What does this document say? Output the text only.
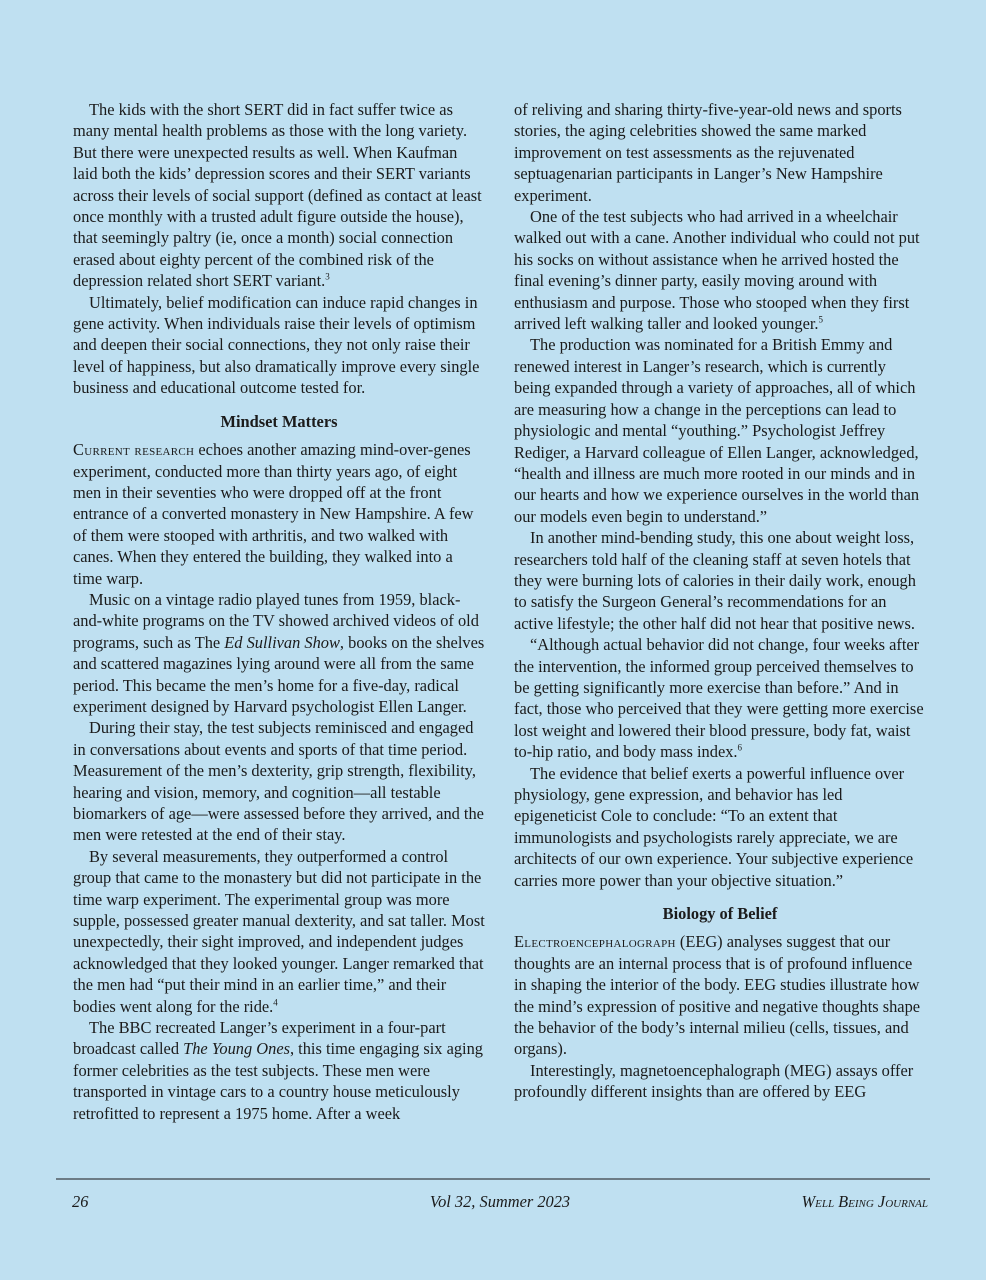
The kids with the short SERT did in fact suffer twice as many mental health problems as those with the long variety. But there were unexpected results as well. When Kaufman laid both the kids’ depression scores and their SERT variants across their levels of social support (defined as contact at least once monthly with a trusted adult figure outside the house), that seemingly paltry (ie, once a month) social connection erased about eighty percent of the combined risk of the depression related short SERT variant.$^3$

Ultimately, belief modification can induce rapid changes in gene activity. When individuals raise their levels of optimism and deepen their social connections, they not only raise their level of happiness, but also dramatically improve every single business and educational outcome tested for.

Mindset Matters

Current research echoes another amazing mind-over-genes experiment, conducted more than thirty years ago, of eight men in their seventies who were dropped off at the front entrance of a converted monastery in New Hampshire. A few of them were stooped with arthritis, and two walked with canes. When they entered the building, they walked into a time warp.

Music on a vintage radio played tunes from 1959, black-and-white programs on the TV showed archived videos of old programs, such as The Ed Sullivan Show, books on the shelves and scattered magazines lying around were all from the same period. This became the men’s home for a five-day, radical experiment designed by Harvard psychologist Ellen Langer.

During their stay, the test subjects reminisced and engaged in conversations about events and sports of that time period. Measurement of the men’s dexterity, grip strength, flexibility, hearing and vision, memory, and cognition—all testable biomarkers of age—were assessed before they arrived, and the men were retested at the end of their stay.

By several measurements, they outperformed a control group that came to the monastery but did not participate in the time warp experiment. The experimental group was more supple, possessed greater manual dexterity, and sat taller. Most unexpectedly, their sight improved, and independent judges acknowledged that they looked younger. Langer remarked that the men had “put their mind in an earlier time,” and their bodies went along for the ride.$^4$

The BBC recreated Langer’s experiment in a four-part broadcast called The Young Ones, this time engaging six aging former celebrities as the test subjects. These men were transported in vintage cars to a country house meticulously retrofitted to represent a 1975 home. After a week

of reliving and sharing thirty-five-year-old news and sports stories, the aging celebrities showed the same marked improvement on test assessments as the rejuvenated septuagenarian participants in Langer’s New Hampshire experiment.

One of the test subjects who had arrived in a wheelchair walked out with a cane. Another individual who could not put his socks on without assistance when he arrived hosted the final evening’s dinner party, easily moving around with enthusiasm and purpose. Those who stooped when they first arrived left walking taller and looked younger.$^5$

The production was nominated for a British Emmy and renewed interest in Langer’s research, which is currently being expanded through a variety of approaches, all of which are measuring how a change in the perceptions can lead to physiologic and mental “youthing.” Psychologist Jeffrey Rediger, a Harvard colleague of Ellen Langer, acknowledged, “health and illness are much more rooted in our minds and in our hearts and how we experience ourselves in the world than our models even begin to understand.”

In another mind-bending study, this one about weight loss, researchers told half of the cleaning staff at seven hotels that they were burning lots of calories in their daily work, enough to satisfy the Surgeon General’s recommendations for an active lifestyle; the other half did not hear that positive news.

“Although actual behavior did not change, four weeks after the intervention, the informed group perceived themselves to be getting significantly more exercise than before.” And in fact, those who perceived that they were getting more exercise lost weight and lowered their blood pressure, body fat, waist to-hip ratio, and body mass index.$^6$

The evidence that belief exerts a powerful influence over physiology, gene expression, and behavior has led epigeneticist Cole to conclude: “To an extent that immunologists and psychologists rarely appreciate, we are architects of our own experience. Your subjective experience carries more power than your objective situation.”

Biology of Belief

Electroencephalograph (EEG) analyses suggest that our thoughts are an internal process that is of profound influence in shaping the interior of the body. EEG studies illustrate how the mind’s expression of positive and negative thoughts shape the behavior of the body’s internal milieu (cells, tissues, and organs).

Interestingly, magnetoencephalograph (MEG) assays offer profoundly different insights than are offered by EEG

26	Vol 32, Summer 2023	Well Being Journal
